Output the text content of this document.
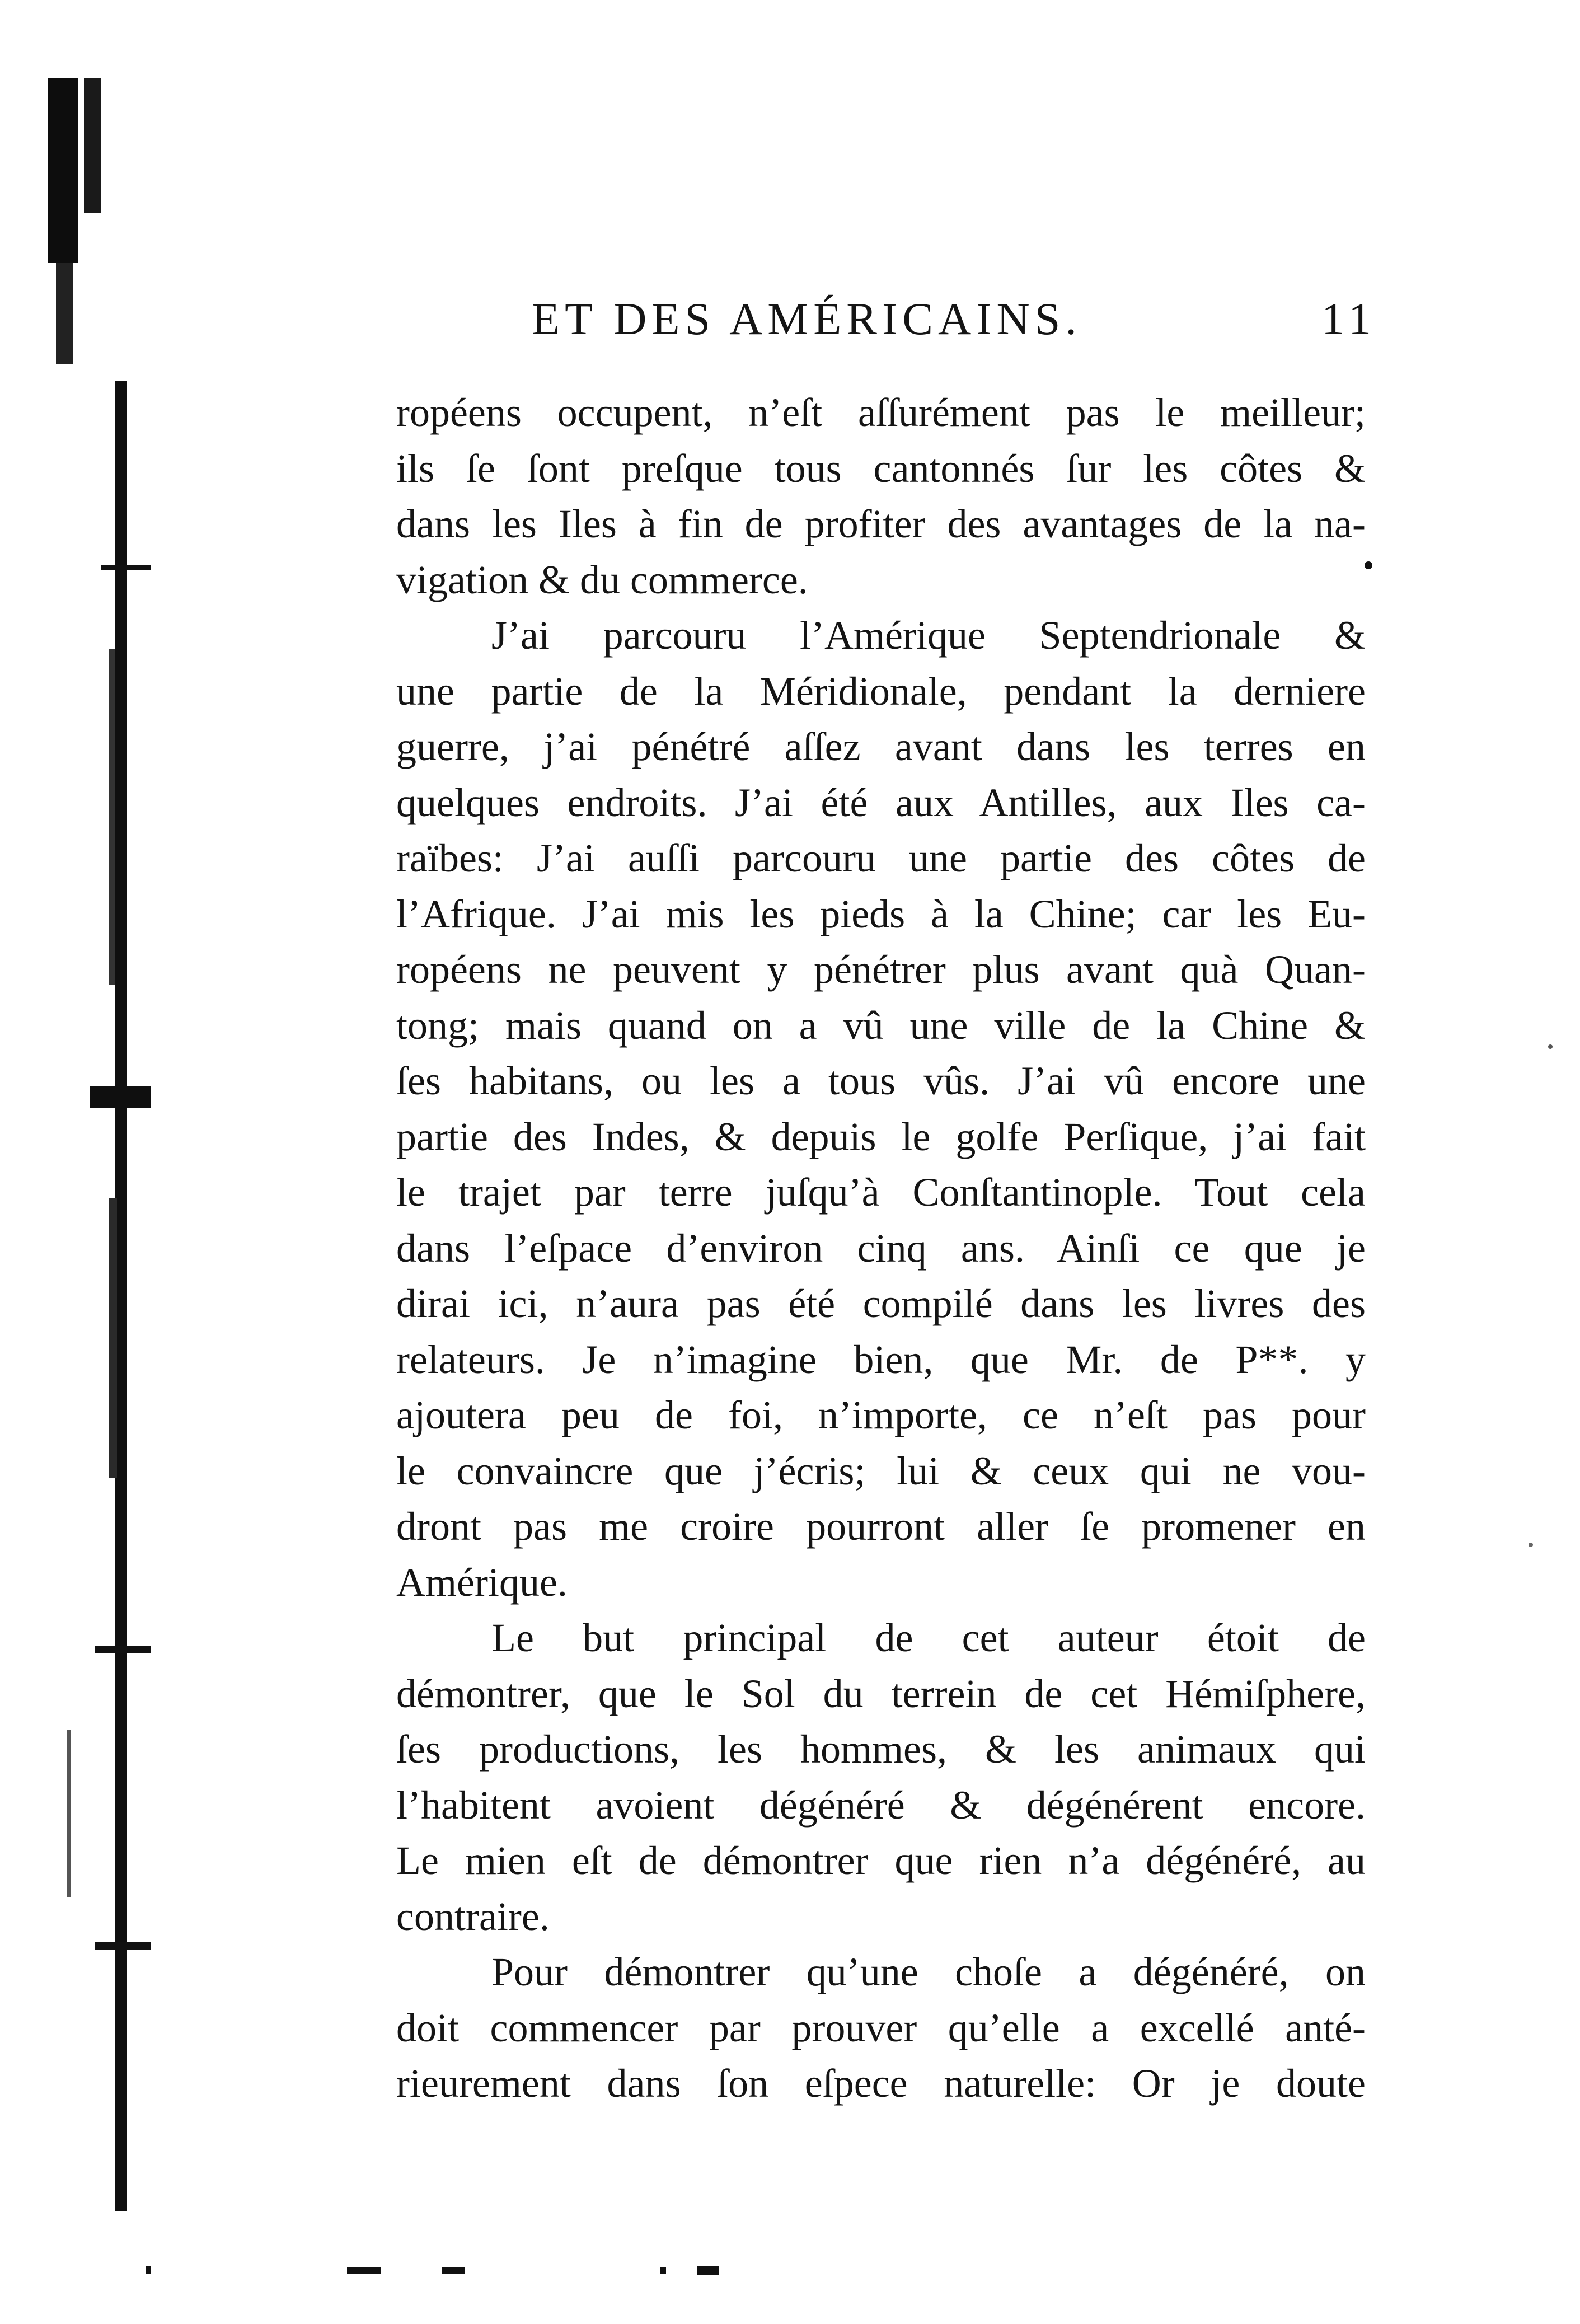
ET DES AMÉRICAINS.	11
ropéens occupent, n’eſt aſſurément pas le meilleur;
ils ſe ſont preſque tous cantonnés ſur les côtes &
dans les Iles à fin de profiter des avantages de la na-
vigation & du commerce.
J’ai parcouru l’Amérique Septendrionale &
une partie de la Méridionale, pendant la derniere
guerre, j’ai pénétré aſſez avant dans les terres en
quelques endroits. J’ai été aux Antilles, aux Iles ca-
raïbes: J’ai auſſi parcouru une partie des côtes de
l’Afrique. J’ai mis les pieds à la Chine; car les Eu-
ropéens ne peuvent y pénétrer plus avant quà Quan-
tong; mais quand on a vû une ville de la Chine &
ſes habitans, ou les a tous vûs. J’ai vû encore une
partie des Indes, & depuis le golfe Perſique, j’ai fait
le trajet par terre juſqu’à Conſtantinople. Tout cela
dans l’eſpace d’environ cinq ans. Ainſi ce que je
dirai ici, n’aura pas été compilé dans les livres des
relateurs. Je n’imagine bien, que Mr. de P**. y
ajoutera peu de foi, n’importe, ce n’eſt pas pour
le convaincre que j’écris; lui & ceux qui ne vou-
dront pas me croire pourront aller ſe promener en
Amérique.
Le but principal de cet auteur étoit de
démontrer, que le Sol du terrein de cet Hémiſphere,
ſes productions, les hommes, & les animaux qui
l’habitent avoient dégénéré & dégénérent encore.
Le mien eſt de démontrer que rien n’a dégénéré, au
contraire.
Pour démontrer qu’une choſe a dégénéré, on
doit commencer par prouver qu’elle a excellé anté-
rieurement dans ſon eſpece naturelle: Or je doute
